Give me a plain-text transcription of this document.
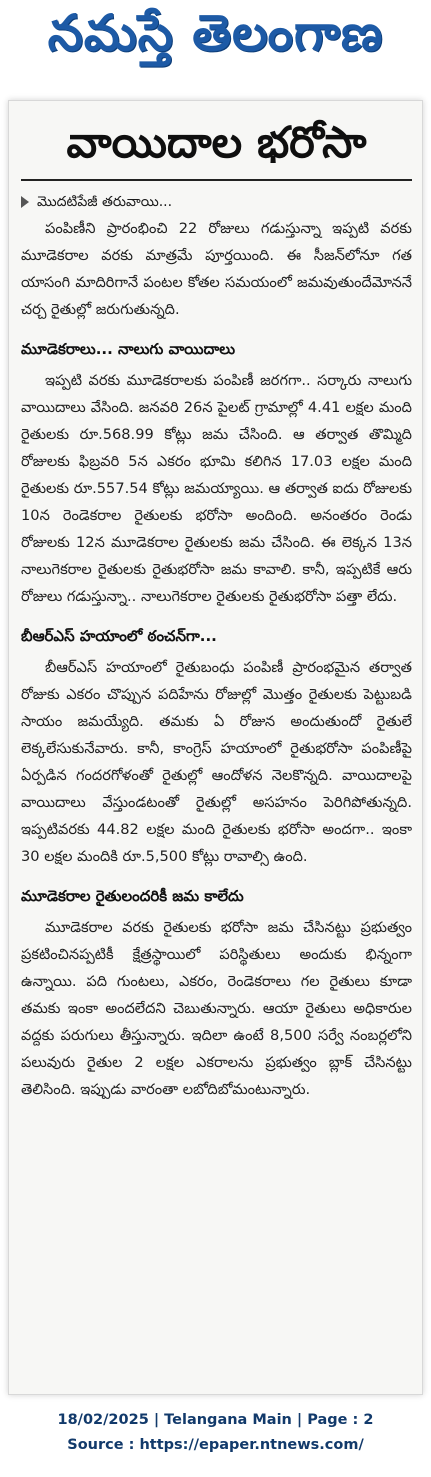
నమస్తే తెలంగాణ
వాయిదాల భరోసా
మొదటిపేజీ తరువాయి...

పంపిణీని ప్రారంభించి 22 రోజులు గడుస్తున్నా ఇప్పటి వరకు మూడెకరాల వరకు మాత్రమే పూర్తయింది. ఈ సీజన్‌లోనూ గత యాసంగి మాదిరిగానే పంటల కోతల సమయంలో జమవుతుందేమోననే చర్చ రైతుల్లో జరుగుతున్నది.

మూడెకరాలు... నాలుగు వాయిదాలు

ఇప్పటి వరకు మూడెకరాలకు పంపిణీ జరగగా.. సర్కారు నాలుగు వాయిదాలు వేసింది. జనవరి 26న పైలట్ గ్రామాల్లో 4.41 లక్షల మంది రైతులకు రూ.568.99 కోట్లు జమ చేసింది. ఆ తర్వాత తొమ్మిది రోజులకు ఫిబ్రవరి 5న ఎకరం భూమి కలిగిన 17.03 లక్షల మంది రైతులకు రూ.557.54 కోట్లు జమయ్యాయి. ఆ తర్వాత ఐదు రోజులకు 10న రెండెకరాల రైతులకు భరోసా అందింది. అనంతరం రెండు రోజులకు 12న మూడెకరాల రైతులకు జమ చేసింది. ఈ లెక్కన 13న నాలుగెకరాల రైతులకు రైతుభరోసా జమ కావాలి. కానీ, ఇప్పటికే ఆరు రోజులు గడుస్తున్నా.. నాలుగెకరాల రైతులకు రైతుభరోసా పత్తా లేదు.

బీఆర్‌ఎస్ హయాంలో ఠంచన్‌గా...

బీఆర్‌ఎస్ హయాంలో రైతుబంధు పంపిణీ ప్రారంభమైన తర్వాత రోజుకు ఎకరం చొప్పున పదిహేను రోజుల్లో మొత్తం రైతులకు పెట్టుబడి సాయం జమయ్యేది. తమకు ఏ రోజున అందుతుందో రైతులే లెక్కలేసుకునేవారు. కానీ, కాంగ్రెస్ హయాంలో రైతుభరోసా పంపిణీపై ఏర్పడిన గందరగోళంతో రైతుల్లో ఆందోళన నెలకొన్నది. వాయిదాలపై వాయిదాలు వేస్తుండటంతో రైతుల్లో అసహనం పెరిగిపోతున్నది. ఇప్పటివరకు 44.82 లక్షల మంది రైతులకు భరోసా అందగా.. ఇంకా 30 లక్షల మందికి రూ.5,500 కోట్లు రావాల్సి ఉంది.

మూడెకరాల రైతులందరికీ జమ కాలేదు

మూడెకరాల వరకు రైతులకు భరోసా జమ చేసినట్టు ప్రభుత్వం ప్రకటించినప్పటికీ క్షేత్రస్థాయిలో పరిస్థితులు అందుకు భిన్నంగా ఉన్నాయి. పది గుంటలు, ఎకరం, రెండెకరాలు గల రైతులు కూడా తమకు ఇంకా అందలేదని చెబుతున్నారు. ఆయా రైతులు అధికారుల వద్దకు పరుగులు తీస్తున్నారు. ఇదిలా ఉంటే 8,500 సర్వే నంబర్లలోని పలువురు రైతుల 2 లక్షల ఎకరాలను ప్రభుత్వం బ్లాక్ చేసినట్టు తెలిసింది. ఇప్పుడు వారంతా లబోదిబోమంటున్నారు.

18/02/2025 | Telangana Main | Page : 2
Source : https://epaper.ntnews.com/
